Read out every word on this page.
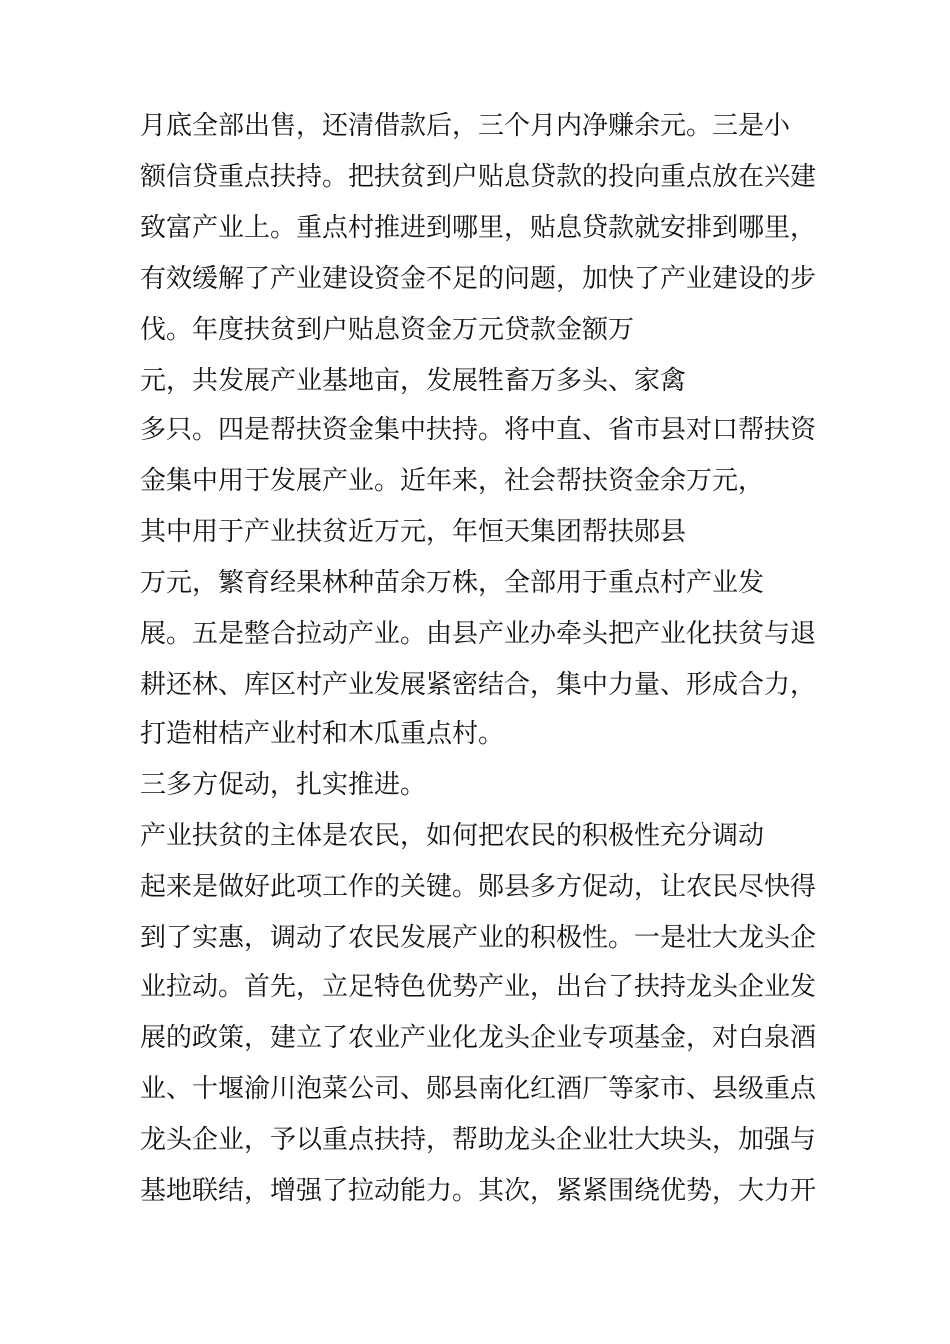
月底全部出售，还清借款后，三个月内净赚余元。三是小
额信贷重点扶持。把扶贫到户贴息贷款的投向重点放在兴建
致富产业上。重点村推进到哪里，贴息贷款就安排到哪里，
有效缓解了产业建设资金不足的问题，加快了产业建设的步
伐。年度扶贫到户贴息资金万元贷款金额万
元，共发展产业基地亩，发展牲畜万多头、家禽
多只。四是帮扶资金集中扶持。将中直、省市县对口帮扶资
金集中用于发展产业。近年来，社会帮扶资金余万元，
其中用于产业扶贫近万元，年恒天集团帮扶郧县
万元，繁育经果林种苗余万株，全部用于重点村产业发
展。五是整合拉动产业。由县产业办牵头把产业化扶贫与退
耕还林、库区村产业发展紧密结合，集中力量、形成合力，
打造柑桔产业村和木瓜重点村。
三多方促动，扎实推进。
产业扶贫的主体是农民，如何把农民的积极性充分调动
起来是做好此项工作的关键。郧县多方促动，让农民尽快得
到了实惠，调动了农民发展产业的积极性。一是壮大龙头企
业拉动。首先，立足特色优势产业，出台了扶持龙头企业发
展的政策，建立了农业产业化龙头企业专项基金，对白泉酒
业、十堰渝川泡菜公司、郧县南化红酒厂等家市、县级重点
龙头企业，予以重点扶持，帮助龙头企业壮大块头，加强与
基地联结，增强了拉动能力。其次，紧紧围绕优势，大力开
